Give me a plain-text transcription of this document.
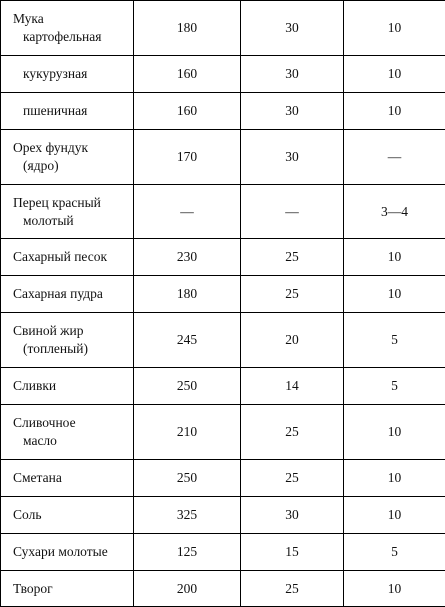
Мука
картофельная	180	30	10

кукурузная	160	30	10

пшеничная	160	30	10

Орех фундук
(ядро)	170	30	—

Перец красный
молотый	—	—	3—4

Сахарный песок	230	25	10

Сахарная пудра	180	25	10

Свиной жир
(топленый)	245	20	5

Сливки	250	14	5

Сливочное
масло	210	25	10

Сметана	250	25	10

Соль	325	30	10

Сухари молотые	125	15	5

Творог	200	25	10
